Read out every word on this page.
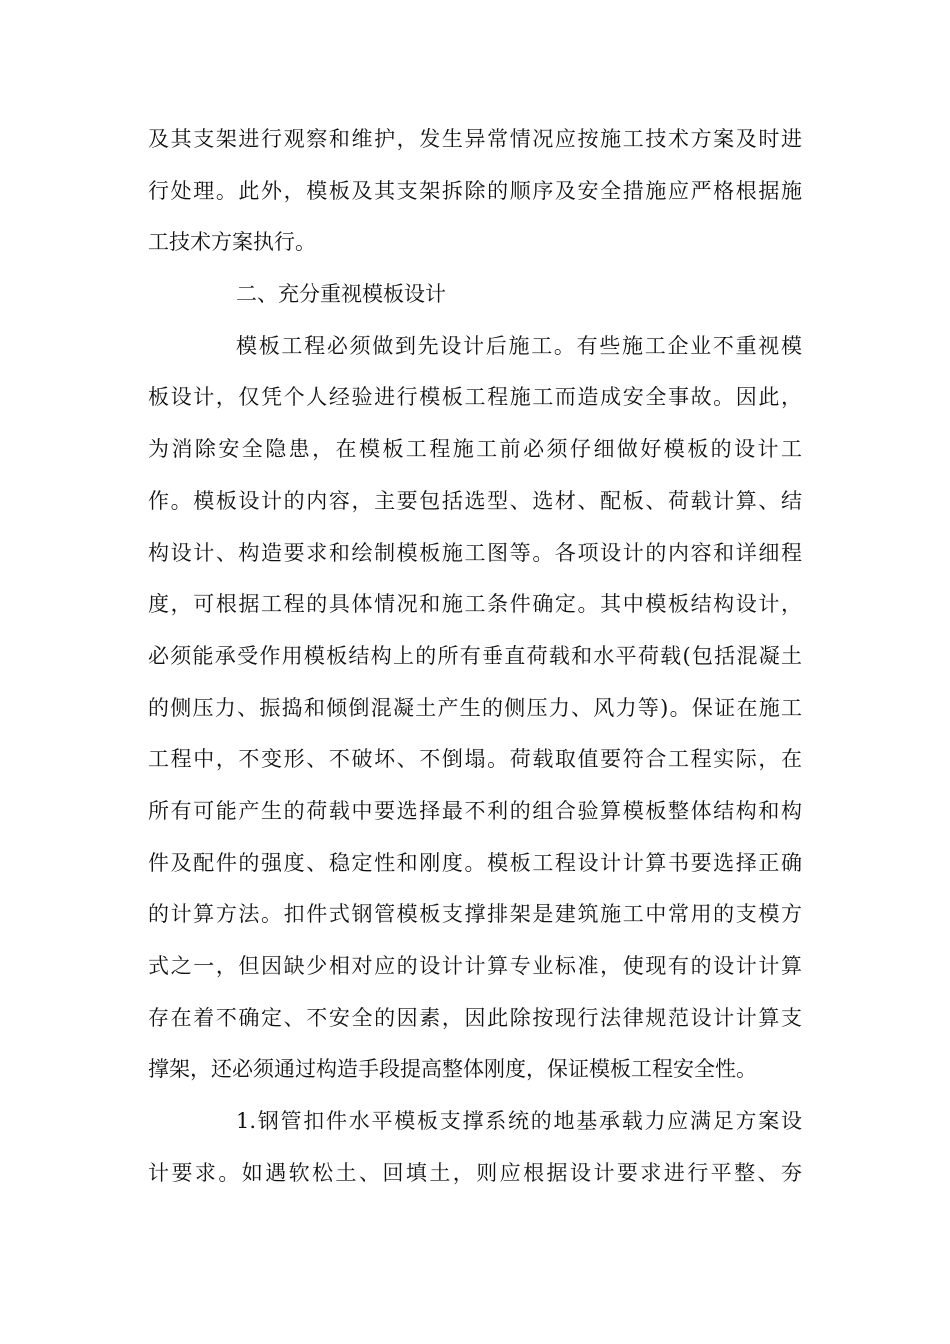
及其支架进行观察和维护，发生异常情况应按施工技术方案及时进
行处理。此外，模板及其支架拆除的顺序及安全措施应严格根据施
工技术方案执行。
二、充分重视模板设计
模板工程必须做到先设计后施工。有些施工企业不重视模
板设计，仅凭个人经验进行模板工程施工而造成安全事故。因此，
为消除安全隐患，在模板工程施工前必须仔细做好模板的设计工
作。模板设计的内容，主要包括选型、选材、配板、荷载计算、结
构设计、构造要求和绘制模板施工图等。各项设计的内容和详细程
度，可根据工程的具体情况和施工条件确定。其中模板结构设计，
必须能承受作用模板结构上的所有垂直荷载和水平荷载(包括混凝土
的侧压力、振捣和倾倒混凝土产生的侧压力、风力等)。保证在施工
工程中，不变形、不破坏、不倒塌。荷载取值要符合工程实际，在
所有可能产生的荷载中要选择最不利的组合验算模板整体结构和构
件及配件的强度、稳定性和刚度。模板工程设计计算书要选择正确
的计算方法。扣件式钢管模板支撑排架是建筑施工中常用的支模方
式之一，但因缺少相对应的设计计算专业标准，使现有的设计计算
存在着不确定、不安全的因素，因此除按现行法律规范设计计算支
撑架，还必须通过构造手段提高整体刚度，保证模板工程安全性。
1.钢管扣件水平模板支撑系统的地基承载力应满足方案设
计要求。如遇软松土、回填土，则应根据设计要求进行平整、夯
